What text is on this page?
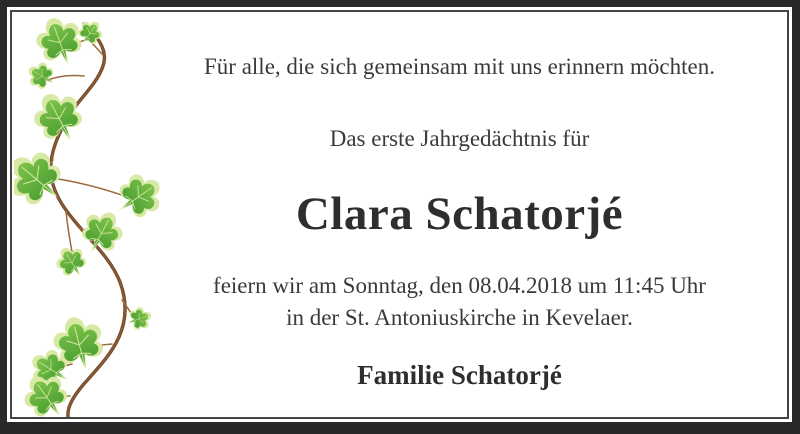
Für alle, die sich gemeinsam mit uns erinnern möchten.
Das erste Jahrgedächtnis für
Clara Schatorjé
feiern wir am Sonntag, den 08.04.2018 um 11:45 Uhr
in der St. Antoniuskirche in Kevelaer.
Familie Schatorjé
